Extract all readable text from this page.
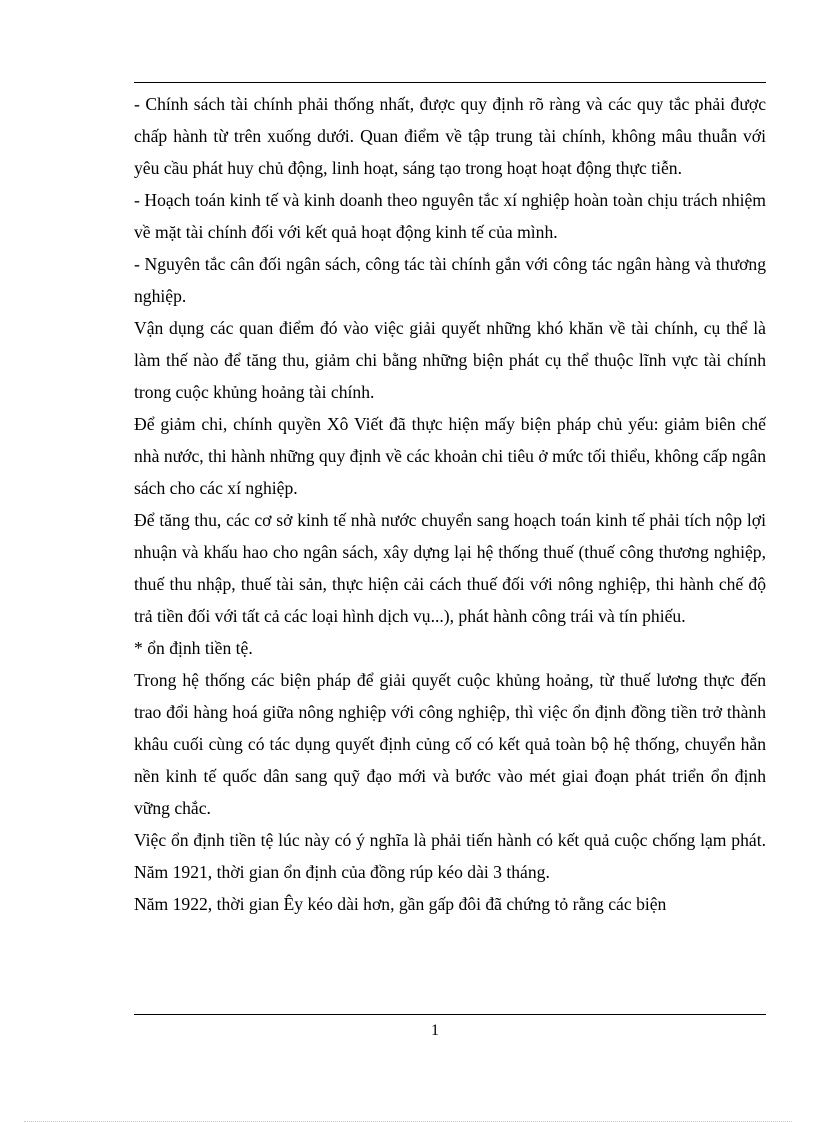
- Chính sách tài chính phải thống nhất, được quy định rõ ràng và các quy tắc phải được chấp hành từ trên xuống dưới. Quan điểm về tập trung tài chính, không mâu thuẫn với yêu cầu phát huy chủ động, linh hoạt, sáng tạo trong hoạt hoạt động thực tiễn.

- Hoạch toán kinh tế và kinh doanh theo nguyên tắc xí nghiệp hoàn toàn chịu trách nhiệm về mặt tài chính đối với kết quả hoạt động kinh tế của mình.

- Nguyên tắc cân đối ngân sách, công tác tài chính gắn với công tác ngân hàng và thương nghiệp.

Vận dụng các quan điểm đó vào việc giải quyết những khó khăn về tài chính, cụ thể là làm thế nào để tăng thu, giảm chi bằng những biện phát cụ thể thuộc lĩnh vực tài chính trong cuộc khủng hoảng tài chính.

Để giảm chi, chính quyền Xô Viết đã thực hiện mấy biện pháp chủ yếu: giảm biên chế nhà nước, thi hành những quy định về các khoản chi tiêu ở mức tối thiểu, không cấp ngân sách cho các xí nghiệp.

Để tăng thu, các cơ sở kinh tế nhà nước chuyển sang hoạch toán kinh tế phải tích nộp lợi nhuận và khấu hao cho ngân sách, xây dựng lại hệ thống thuế (thuế công thương nghiệp, thuế thu nhập, thuế tài sản, thực hiện cải cách thuế đối với nông nghiệp, thi hành chế độ trả tiền đối với tất cả các loại hình dịch vụ...), phát hành công trái và tín phiếu.

* ổn định tiền tệ.

Trong hệ thống các biện pháp để giải quyết cuộc khủng hoảng, từ thuế lương thực đến trao đổi hàng hoá giữa nông nghiệp với công nghiệp, thì việc ổn định đồng tiền trở thành khâu cuối cùng có tác dụng quyết định củng cố có kết quả toàn bộ hệ thống, chuyển hẳn nền kinh tế quốc dân sang quỹ đạo mới và bước vào mét giai đoạn phát triển ổn định vững chắc.

Việc ổn định tiền tệ lúc này có ý nghĩa là phải tiến hành có kết quả cuộc chống lạm phát. Năm 1921, thời gian ổn định của đồng rúp kéo dài 3 tháng.

Năm 1922, thời gian Êy kéo dài hơn, gần gấp đôi đã chứng tỏ rằng các biện

1
